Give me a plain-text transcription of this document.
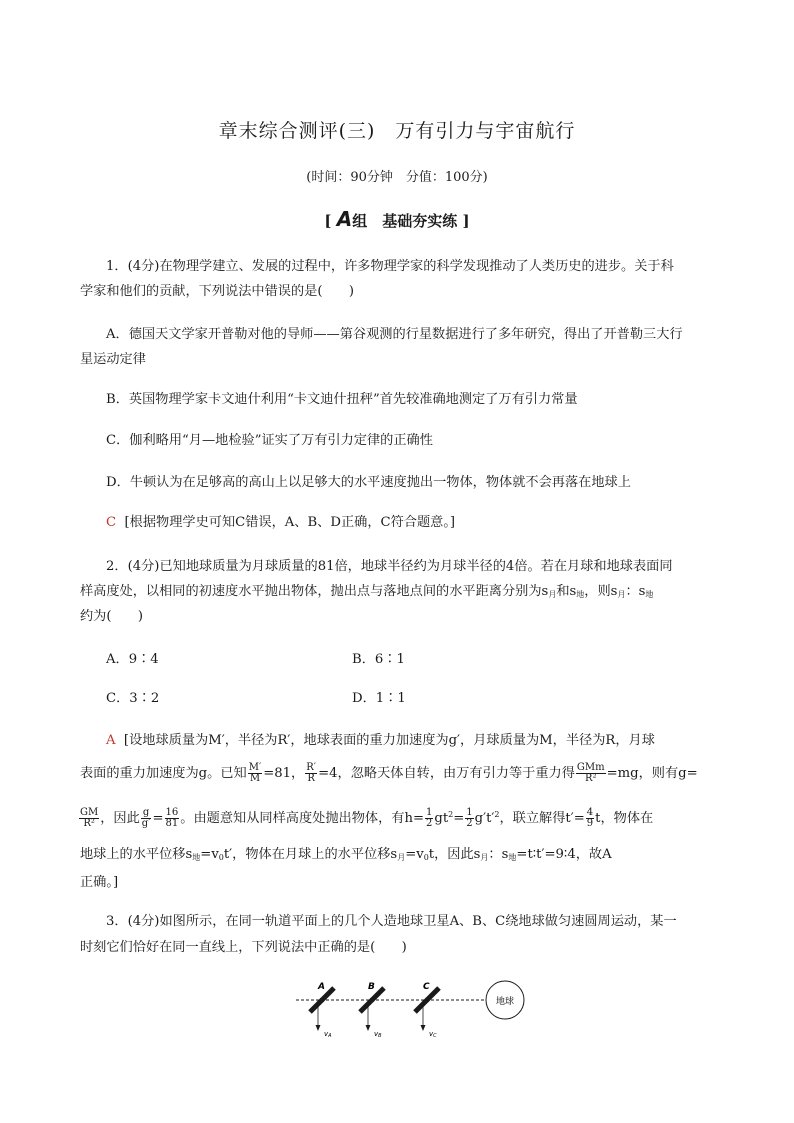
章末综合测评(三)　万有引力与宇宙航行
(时间：90分钟　分值：100分)
[ A组　基础夯实练 ]
1．(4分)在物理学建立、发展的过程中，许多物理学家的科学发现推动了人类历史的进步。关于科
学家和他们的贡献，下列说法中错误的是(　　)
A．德国天文学家开普勒对他的导师——第谷观测的行星数据进行了多年研究，得出了开普勒三大行
星运动定律
B．英国物理学家卡文迪什利用“卡文迪什扭秤”首先较准确地测定了万有引力常量
C．伽利略用“月—地检验”证实了万有引力定律的正确性
D．牛顿认为在足够高的高山上以足够大的水平速度抛出一物体，物体就不会再落在地球上
C [根据物理学史可知C错误，A、B、D正确，C符合题意。]
2．(4分)已知地球质量为月球质量的81倍，地球半径约为月球半径的4倍。若在月球和地球表面同
样高度处，以相同的初速度水平抛出物体，抛出点与落地点间的水平距离分别为$s_月$和$s_地$，则$s_月$：$s_地$
约为(　　)
A．9∶4	B．6∶1
C．3∶2	D．1∶1
A [设地球质量为M′，半径为R′，地球表面的重力加速度为g′，月球质量为M，半径为R，月球
表面的重力加速度为g。已知 $\frac{M'}{M} =81$， $\frac{R'}{R} =4$，忽略天体自转，由万有引力等于重力得 $\frac{\text{GMm}}{\text{R²}} =mg$，则有g=
$\frac{GM}{\text{R²}}$ ，因此 $\frac{g}{g'} = \frac{16}{81}$ 。由题意知从同样高度处抛出物体，有$h= \frac{1}{2} gt^2= \frac{1}{2} g't'^2$，联立解得$t'= \frac{4}{9}$ t，物体在
地球上的水平位移$s_地=v_0t'$，物体在月球上的水平位移$s_月=v_0t$，因此$s_月$：$s_地=t∶t'=9∶4$，故A
正确。]
3．(4分)如图所示，在同一轨道平面上的几个人造地球卫星A、B、C绕地球做匀速圆周运动，某一
时刻它们恰好在同一直线上，下列说法中正确的是(　　)
A
vA
B
vB
C
vC
地球
